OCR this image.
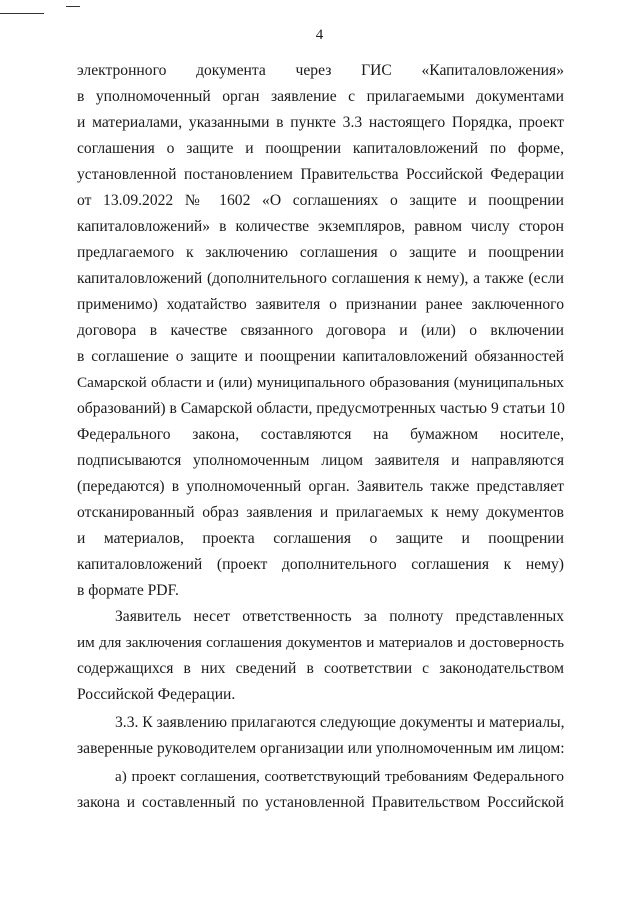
4
электронного документа через ГИС «Капиталовложения»
в уполномоченный орган заявление с прилагаемыми документами
и материалами, указанными в пункте 3.3 настоящего Порядка, проект
соглашения о защите и поощрении капиталовложений по форме,
установленной постановлением Правительства Российской Федерации
от 13.09.2022 № 1602 «О соглашениях о защите и поощрении
капиталовложений» в количестве экземпляров, равном числу сторон
предлагаемого к заключению соглашения о защите и поощрении
капиталовложений (дополнительного соглашения к нему), а также (если
применимо) ходатайство заявителя о признании ранее заключенного
договора в качестве связанного договора и (или) о включении
в соглашение о защите и поощрении капиталовложений обязанностей
Самарской области и (или) муниципального образования (муниципальных
образований) в Самарской области, предусмотренных частью 9 статьи 10
Федерального закона, составляются на бумажном носителе,
подписываются уполномоченным лицом заявителя и направляются
(передаются) в уполномоченный орган. Заявитель также представляет
отсканированный образ заявления и прилагаемых к нему документов
и материалов, проекта соглашения о защите и поощрении
капиталовложений (проект дополнительного соглашения к нему)
в формате PDF.
Заявитель несет ответственность за полноту представленных
им для заключения соглашения документов и материалов и достоверность
содержащихся в них сведений в соответствии с законодательством
Российской Федерации.
3.3. К заявлению прилагаются следующие документы и материалы,
заверенные руководителем организации или уполномоченным им лицом:
а) проект соглашения, соответствующий требованиям Федерального
закона и составленный по установленной Правительством Российской
